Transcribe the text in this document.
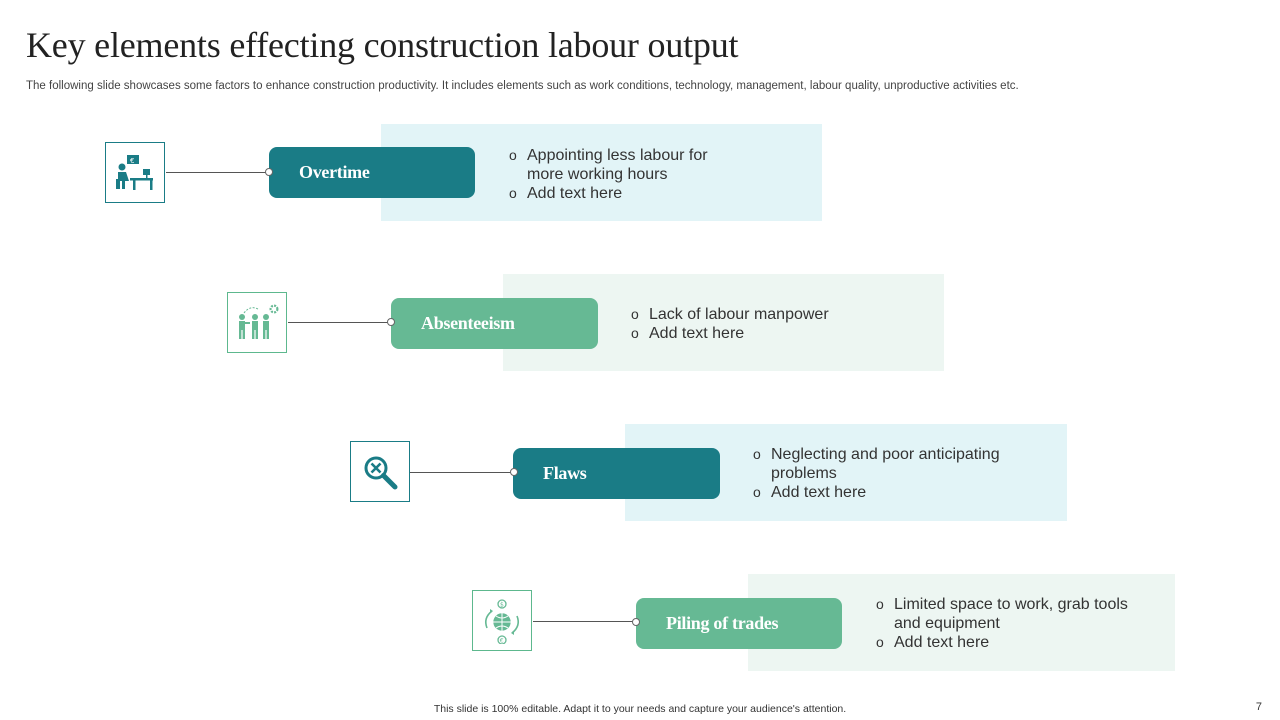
Key elements effecting construction labour output
The following slide showcases some factors to enhance construction productivity. It includes elements such as work conditions, technology, management, labour quality, unproductive activities etc.
€
Overtime
o Appointing less labour for more working hours
o Add text here
Absenteeism
o	Lack of labour manpower
o Add text here
Flaws
o Neglecting and poor anticipating problems
o Add text here
$
€
Piling of trades
o Limited space to work, grab tools and equipment
o Add text here
This slide is 100% editable. Adapt it to your needs and capture your audience's attention.	7
